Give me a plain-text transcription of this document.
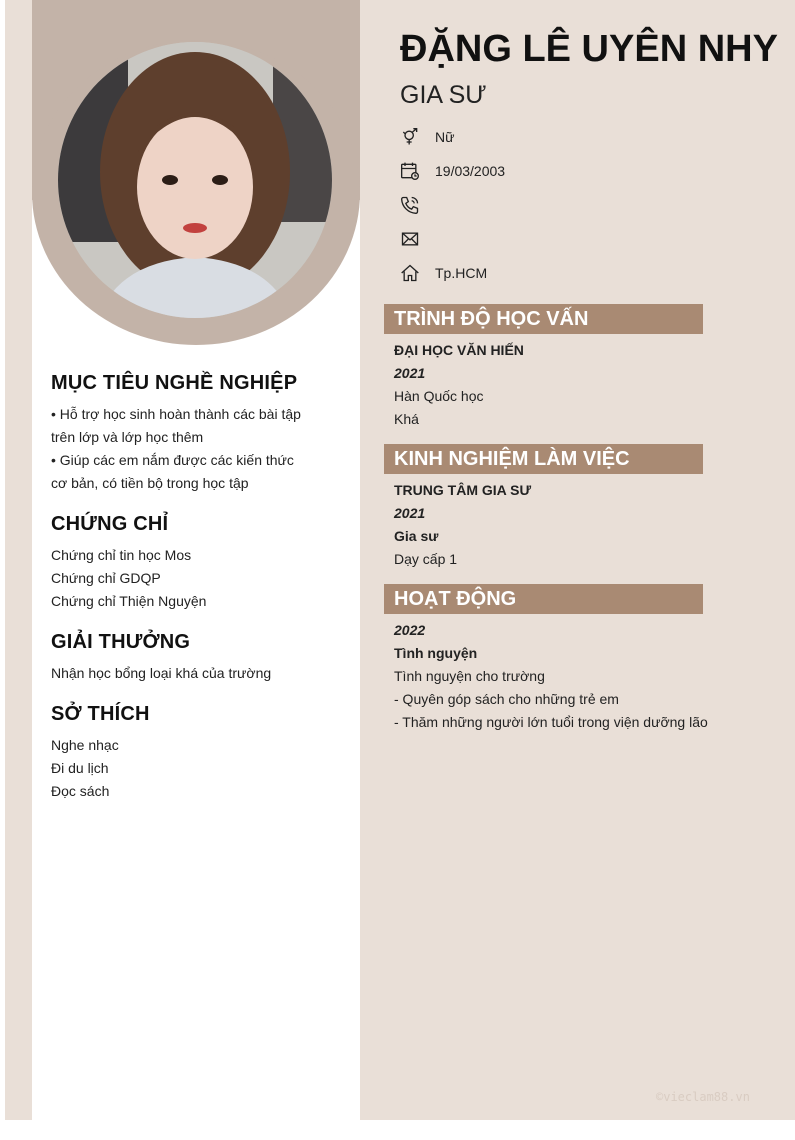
MỤC TIÊU NGHỀ NGHIỆP

• Hỗ trợ học sinh hoàn thành các bài tập

trên lớp và lớp học thêm

• Giúp các em nắm được các kiến thức

cơ bản, có tiền bộ trong học tập

CHỨNG CHỈ

Chứng chỉ tin học Mos

Chứng chỉ GDQP

Chứng chỉ Thiện Nguyện

GIẢI THƯỞNG

Nhận học bổng loại khá của trường

SỞ THÍCH

Nghe nhạc

Đi du lịch

Đọc sách

ĐẶNG LÊ UYÊN NHY
GIA SƯ
Nữ
19/03/2003
Tp.HCM
TRÌNH ĐỘ HỌC VẤN

ĐẠI HỌC VĂN HIẾN

2021

Hàn Quốc học

Khá

KINH NGHIỆM LÀM VIỆC

TRUNG TÂM GIA SƯ

2021

Gia sư

Dạy cấp 1

HOẠT ĐỘNG

2022

Tình nguyện

Tình nguyện cho trường

- Quyên góp sách cho những trẻ em

- Thăm những người lớn tuổi trong viện dưỡng lão

©vieclam88.vn
